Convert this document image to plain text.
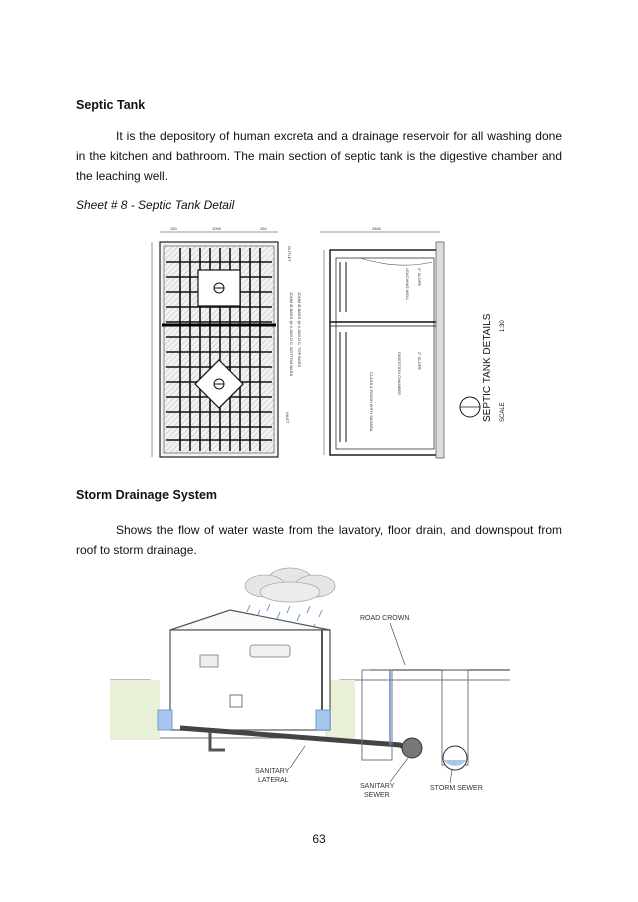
Septic Tank
It is the depository of human excreta and a drainage reservoir for all washing done in the kitchen and bathroom. The main section of septic tank is the digestive chamber and the leaching well.
Sheet # 8 - Septic Tank Detail
150	1000	150
OUTLET
10MM Ø BARS @ 0.15M O.C. BOTTOM BARS 10MM Ø BARS @ 0.15M O.C. TOP BARS
INLET
2800
LEACHING WELL 2" SLOPE
DIGESTION CHAMBER	2" SLOPE
CLASS A FINISH WITH SAHARA	SEPTIC TANK DETAILS SCALE
1:30
Storm Drainage System
Shows the flow of water waste from the lavatory, floor drain, and downspout from roof to storm drainage.
ROAD CROWN
SANITARY
LATERAL
SANITARY
SEWER
STORM SEWER
63
